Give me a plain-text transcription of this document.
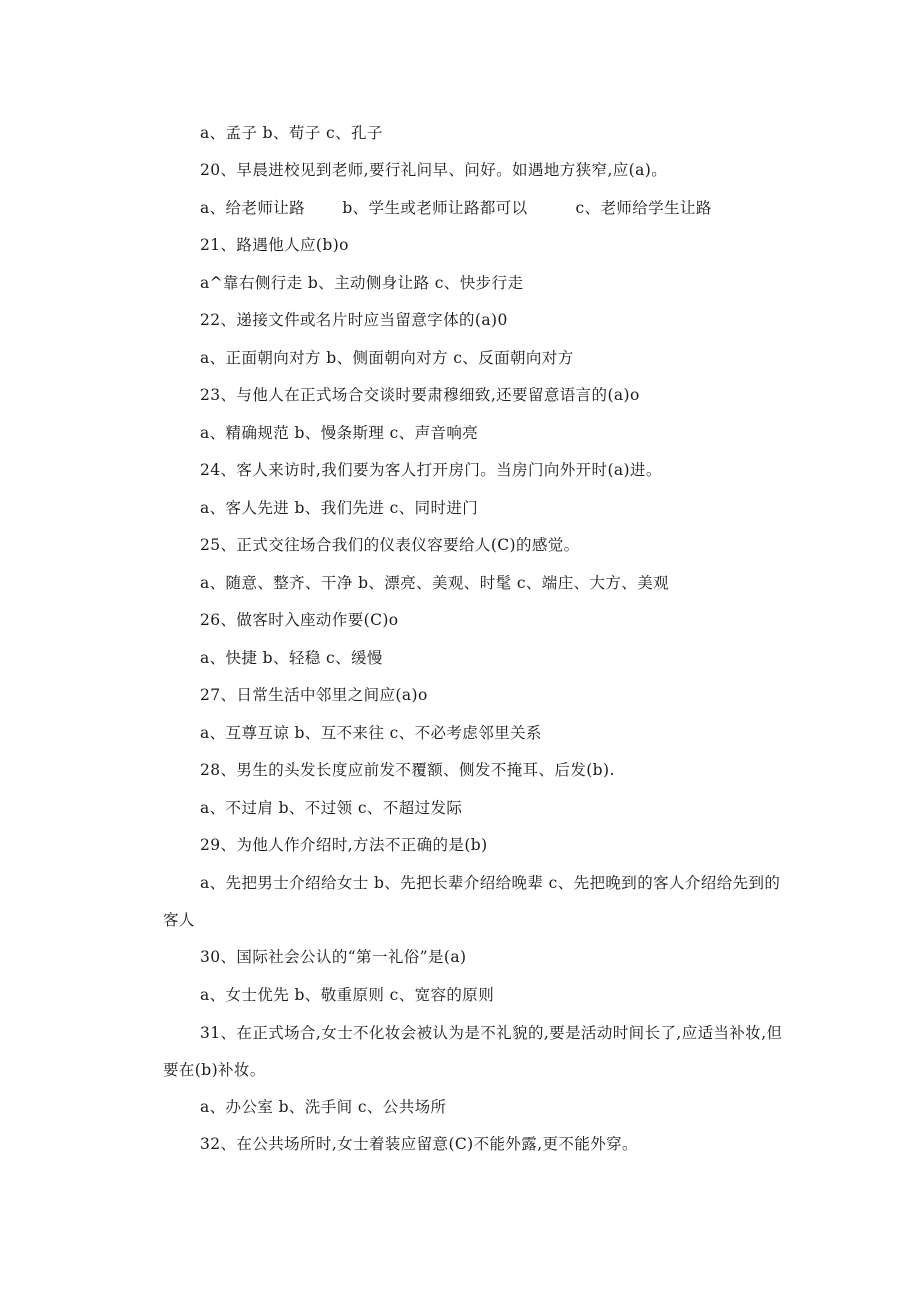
a、孟子 b、荀子 c、孔子
20、早晨进校见到老师,要行礼问早、问好。如遇地方狭窄,应(a)。
a、给老师让路       b、学生或老师让路都可以         c、老师给学生让路
21、路遇他人应(b)o
a^靠右侧行走 b、主动侧身让路 c、快步行走
22、递接文件或名片时应当留意字体的(a)0
a、正面朝向对方 b、侧面朝向对方 c、反面朝向对方
23、与他人在正式场合交谈时要肃穆细致,还要留意语言的(a)o
a、精确规范 b、慢条斯理 c、声音响亮
24、客人来访时,我们要为客人打开房门。当房门向外开时(a)进。
a、客人先进 b、我们先进 c、同时进门
25、正式交往场合我们的仪表仪容要给人(C)的感觉。
a、随意、整齐、干净 b、漂亮、美观、时髦 c、端庄、大方、美观
26、做客时入座动作要(C)o
a、快捷 b、轻稳 c、缓慢
27、日常生活中邻里之间应(a)o
a、互尊互谅 b、互不来往 c、不必考虑邻里关系
28、男生的头发长度应前发不覆额、侧发不掩耳、后发(b).
a、不过肩 b、不过领 c、不超过发际
29、为他人作介绍时,方法不正确的是(b)
a、先把男士介绍给女士 b、先把长辈介绍给晚辈 c、先把晚到的客人介绍给先到的客人
30、国际社会公认的“第一礼俗”是(a)
a、女士优先 b、敬重原则 c、宽容的原则
31、在正式场合,女士不化妆会被认为是不礼貌的,要是活动时间长了,应适当补妆,但要在(b)补妆。
a、办公室 b、洗手间 c、公共场所
32、在公共场所时,女士着装应留意(C)不能外露,更不能外穿。
